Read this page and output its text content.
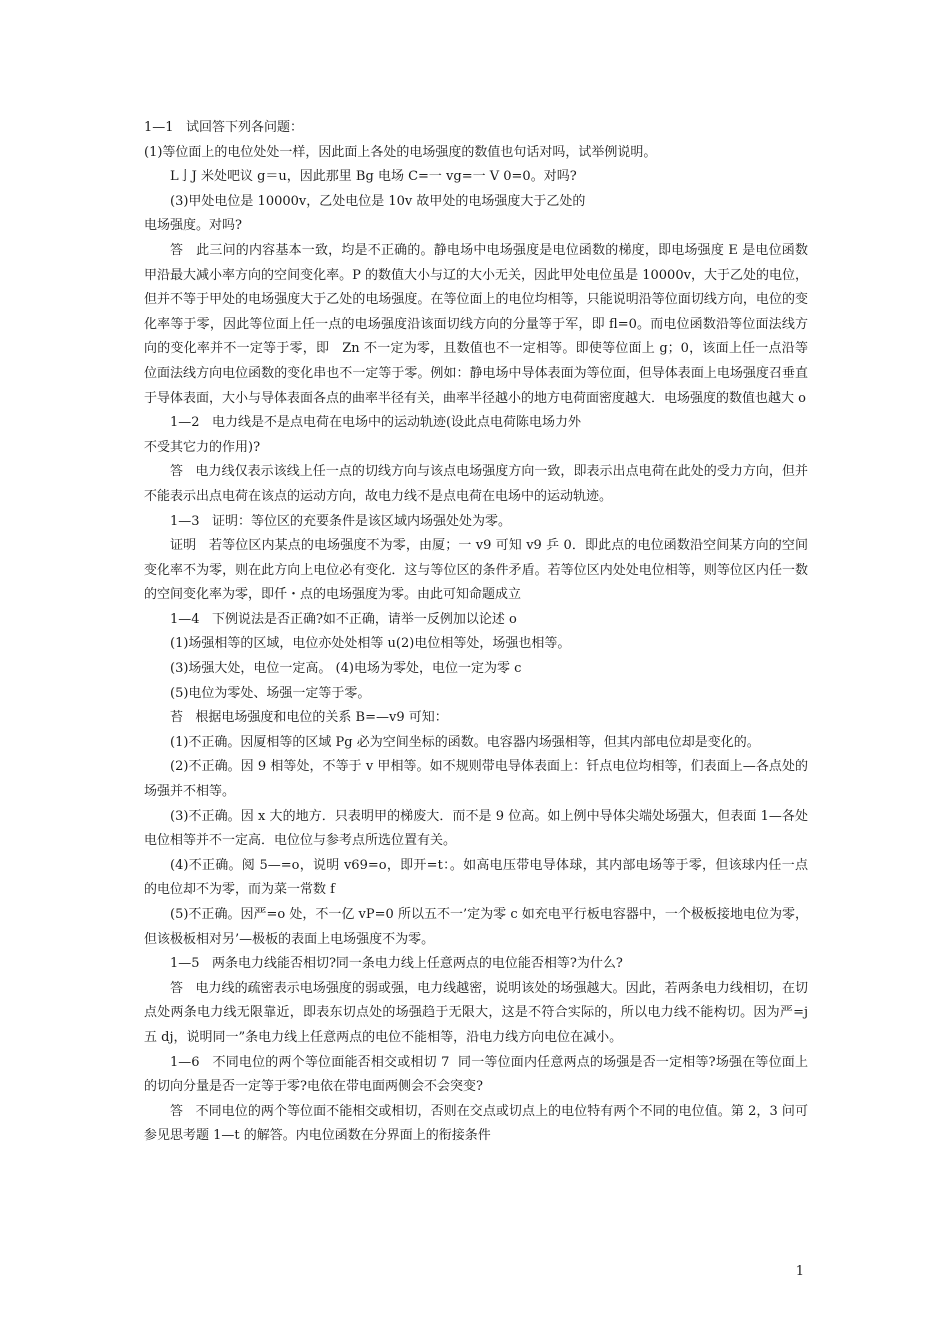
1—1   试回答下列各问题：

(1)等位面上的电位处处一样，因此面上各处的电场强度的数值也句话对吗，试举例说明。

L亅J 米处吧议 g＝u，因此那里 Bg 电场 C=一 vg=一 V 0=0。对吗?

(3)甲处电位是 10000v，乙处电位是 10v 故甲处的电场强度大于乙处的

电场强度。对吗?

答   此三问的内容基本一致，均是不正确的。静电场中电场强度是电位函数的梯度，即电场强度 E 是电位函数甲沿最大减小率方向的空间变化率。P 的数值大小与辽的大小无关，因此甲处电位虽是 10000v，大于乙处的电位，但并不等于甲处的电场强度大于乙处的电场强度。在等位面上的电位均相等，只能说明沿等位面切线方向，电位的变化率等于零，因此等位面上任一点的电场强度沿该面切线方向的分量等于军，即 fl=0。而电位函数沿等位面法线方向的变化率并不一定等于零，即   Zn 不一定为零，且数值也不一定相等。即使等位面上 g；0，该面上任一点沿等位面法线方向电位函数的变化串也不一定等于零。例如：静电场中导体表面为等位面，但导体表面上电场强度召垂直于导体表面，大小与导体表面各点的曲率半径有关，曲率半径越小的地方电荷面密度越大．电场强度的数值也越大 o

1—2   电力线是不是点电荷在电场中的运动轨迹(设此点电荷陈电场力外

不受其它力的作用)?

答   电力线仅表示该线上任一点的切线方向与该点电场强度方向一致，即表示出点电荷在此处的受力方向，但并不能表示出点电荷在该点的运动方向，故电力线不是点电荷在电场中的运动轨迹。

1—3   证明：等位区的充要条件是该区域内场强处处为零。

证明   若等位区内某点的电场强度不为零，由厦；一 v9 可知 v9 乒 0．即此点的电位函数沿空间某方向的空间变化率不为零，则在此方向上电位必有变化．这与等位区的条件矛盾。若等位区内处处电位相等，则等位区内任一数的空间变化率为零，即仟・点的电场强度为零。由此可知命题成立

1—4   下例说法是否正确?如不正确，请举一反例加以论述 o

(1)场强相等的区域，电位亦处处相等 u(2)电位相等处，场强也相等。

(3)场强大处，电位一定高。 (4)电场为零处，电位一定为零 c

(5)电位为零处、场强一定等于零。

苔   根据电场强度和电位的关系 B=—v9 可知：

(1)不正确。因厦相等的区域 Pg 必为空间坐标的函数。电容器内场强相等，但其内部电位却是变化的。

(2)不正确。因 9 相等处，不等于 v 甲相等。如不规则带电导体表面上：钎点电位均相等，们表面上—各点处的场强并不相等。

(3)不正确。因 x 大的地方．只表明甲的梯废大．而不是 9 位高。如上例中导体尖端处场强大，但表面 1—各处电位相等并不一定高．电位位与参考点所选位置有关。

(4)不正确。阅 5—=o，说明 v69=o，即开=t：。如高电压带电导体球，其内部电场等于零，但该球内任一点的电位却不为零，而为菜一常数 f

(5)不正确。因严=o 处，不一亿 vP=0 所以五不一’定为零 c 如充电平行板电容器中，一个极板接地电位为零，但该极板相对另’—极板的表面上电场强度不为零。

1—5   两条电力线能否相切?同一条电力线上任意两点的电位能否相等?为什么?

答   电力线的疏密表示电场强度的弱或强，电力线越密，说明该处的场强越大。因此，若两条电力线相切，在切点处两条电力线无限靠近，即表东切点处的场强趋于无限大，这是不符合实际的，所以电力线不能构切。因为严=j 五 dj，说明同一”条电力线上任意两点的电位不能相等，沿电力线方向电位在减小。

1—6   不同电位的两个等位面能否相交或相切 7  同一等位面内任意两点的场强是否一定相等?场强在等位面上的切向分量是否一定等于零?电依在带电面两侧会不会突变?

答   不同电位的两个等位面不能相交或相切，否则在交点或切点上的电位特有两个不同的电位值。第 2，3 问可参见思考题 1—t 的解答。内电位函数在分界面上的衔接条件

1
